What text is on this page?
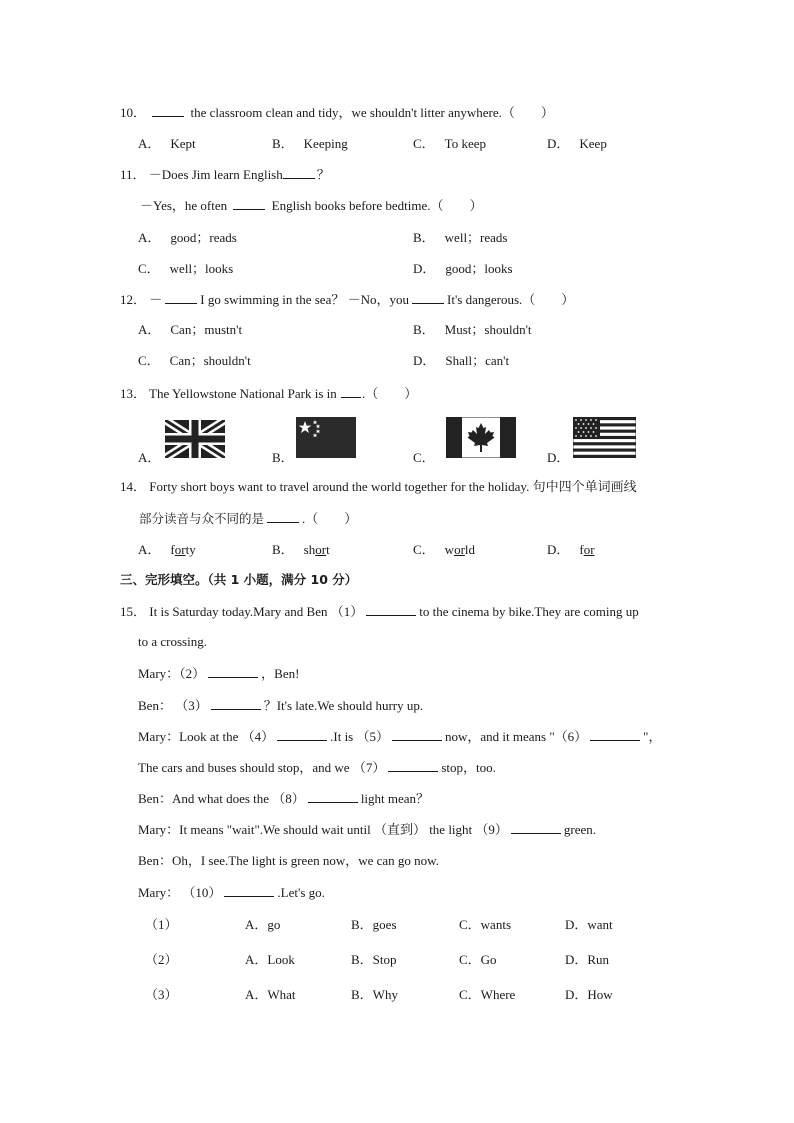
10．	the classroom clean and tidy，we shouldn't litter anywhere.（　　）
A． Kept	B． Keeping	C． To keep	D． Keep
11． －Does Jim learn English	？
－Yes，he often	English books before bedtime.（　　）
A． good；reads	B． well；reads
C． well；looks	D． good；looks
12． －	I go swimming in the sea？ －No，you	It's dangerous.（　　）
A． Can；mustn't	B． Must；shouldn't
C． Can；shouldn't	D． Shall；can't
13． The Yellowstone National Park is in .（　　）
A．	B．	C．	D．
14． Forty short boys want to travel around the world together for the holiday. 句中四个单词画线
部分读音与众不同的是	.（　　）
A． forty	B． short	C． world	D． for
三、完形填空。（共 1 小题，满分 10 分）
15． It is Saturday today.Mary and Ben （1）	to the cinema by bike.They are coming up
to a crossing.
Mary：（2）	，Ben!
Ben： （3）	？It's late.We should hurry up.
Mary：Look at the （4）	.It is （5）	now，and it means "（6）	"，
The cars and buses should stop，and we （7）	stop，too.
Ben：And what does the （8）	light mean？
Mary：It means "wait".We should wait until （直到） the light （9）	green.
Ben：Oh，I see.The light is green now，we can go now.
Mary： （10）	.Let's go.
（1）	A．go	B．goes	C．wants	D．want
（2）	A．Look	B．Stop	C．Go	D．Run
（3）	A．What	B．Why	C．Where	D．How
